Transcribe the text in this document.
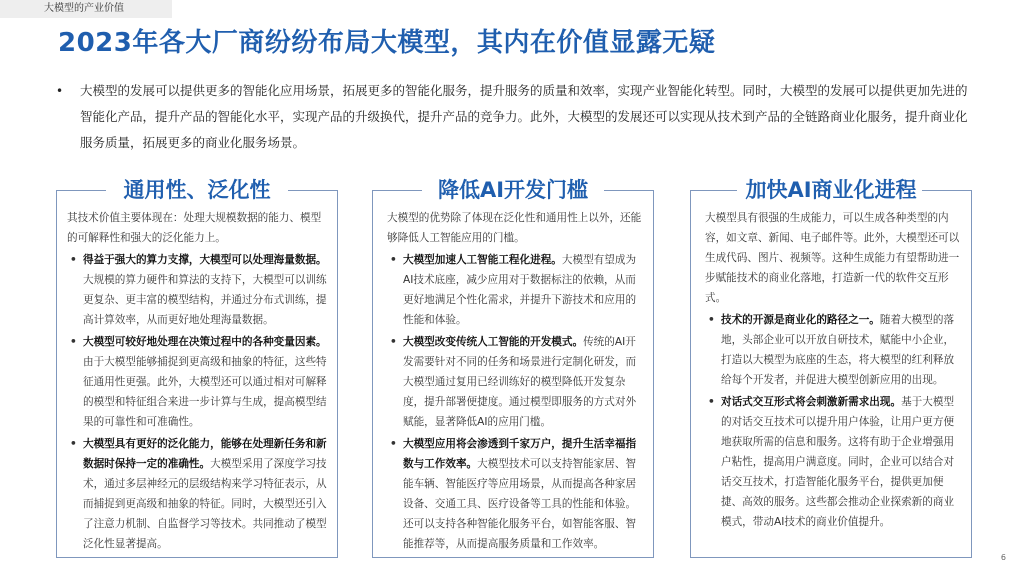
大模型的产业价值
2023年各大厂商纷纷布局大模型，其内在价值显露无疑
• 大模型的发展可以提供更多的智能化应用场景，拓展更多的智能化服务，提升服务的质量和效率，实现产业智能化转型。同时，大模型的发展可以提供更加先进的智能化产品，提升产品的智能化水平，实现产品的升级换代，提升产品的竞争力。此外，大模型的发展还可以实现从技术到产品的全链路商业化服务，提升商业化服务质量，拓展更多的商业化服务场景。
通用性、泛化性

其技术价值主要体现在：处理大规模数据的能力、模型的可解释性和强大的泛化能力上。

• 得益于强大的算力支撑，大模型可以处理海量数据。大规模的算力硬件和算法的支持下，大模型可以训练更复杂、更丰富的模型结构，并通过分布式训练，提高计算效率，从而更好地处理海量数据。
• 大模型可较好地处理在决策过程中的各种变量因素。由于大模型能够捕捉到更高级和抽象的特征，这些特征通用性更强。此外，大模型还可以通过相对可解释的模型和特征组合来进一步计算与生成，提高模型结果的可靠性和可准确性。
• 大模型具有更好的泛化能力，能够在处理新任务和新数据时保持一定的准确性。大模型采用了深度学习技术，通过多层神经元的层级结构来学习特征表示，从而捕捉到更高级和抽象的特征。同时，大模型还引入了注意力机制、自监督学习等技术。共同推动了模型泛化性显著提高。
降低AI开发门槛

大模型的优势除了体现在泛化性和通用性上以外，还能够降低人工智能应用的门槛。

• 大模型加速人工智能工程化进程。大模型有望成为AI技术底座，减少应用对于数据标注的依赖，从而更好地满足个性化需求，并提升下游技术和应用的性能和体验。
• 大模型改变传统人工智能的开发模式。传统的AI开发需要针对不同的任务和场景进行定制化研发，而大模型通过复用已经训练好的模型降低开发复杂度，提升部署便捷度。通过模型即服务的方式对外赋能，显著降低AI的应用门槛。
• 大模型应用将会渗透到千家万户，提升生活幸福指数与工作效率。大模型技术可以支持智能家居、智能车辆、智能医疗等应用场景，从而提高各种家居设备、交通工具、医疗设备等工具的性能和体验。还可以支持各种智能化服务平台，如智能客服、智能推荐等，从而提高服务质量和工作效率。
加快AI商业化进程

大模型具有很强的生成能力，可以生成各种类型的内容，如文章、新闻、电子邮件等。此外，大模型还可以生成代码、图片、视频等。这种生成能力有望帮助进一步赋能技术的商业化落地，打造新一代的软件交互形式。

• 技术的开源是商业化的路径之一。随着大模型的落地，头部企业可以开放自研技术，赋能中小企业，打造以大模型为底座的生态，将大模型的红利释放给每个开发者，并促进大模型创新应用的出现。
• 对话式交互形式将会刺激新需求出现。基于大模型的对话交互技术可以提升用户体验，让用户更方便地获取所需的信息和服务。这将有助于企业增强用户粘性，提高用户满意度。同时，企业可以结合对话交互技术，打造智能化服务平台，提供更加便捷、高效的服务。这些都会推动企业探索新的商业模式，带动AI技术的商业价值提升。
6
